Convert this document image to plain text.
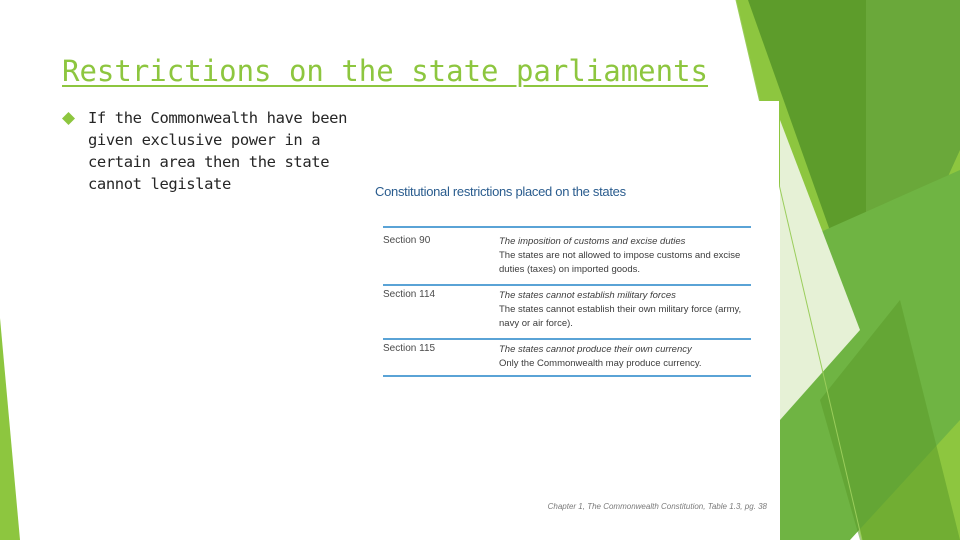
Restrictions on the state parliaments

If the Commonwealth have been given exclusive power in a certain area then the state cannot legislate	Constitutional restrictions placed on the states
Section 90	The imposition of customs and excise duties
The states are not allowed to impose customs and excise duties (taxes) on imported goods.
Section 114	The states cannot establish military forces
The states cannot establish their own military force (army, navy or air force).
Section 115	The states cannot produce their own currency
Only the Commonwealth may produce currency.
Chapter 1, The Commonwealth Constitution, Table 1.3, pg. 38
